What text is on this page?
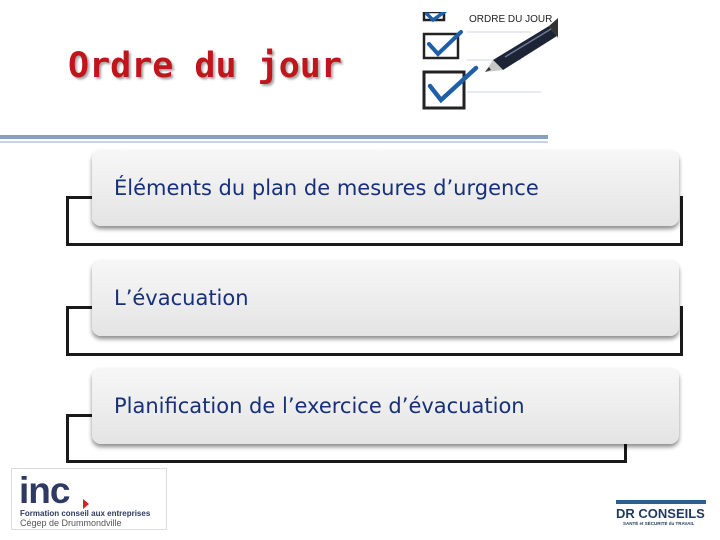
Ordre du jour
ORDRE DU JOUR
Éléments du plan de mesures d’urgence
L’évacuation
Planification de l’exercice d’évacuation
inc
Formation conseil aux entreprises
Cégep de Drummondville
DR CONSEILS
SANTÉ et SÉCURITÉ du TRAVAIL
